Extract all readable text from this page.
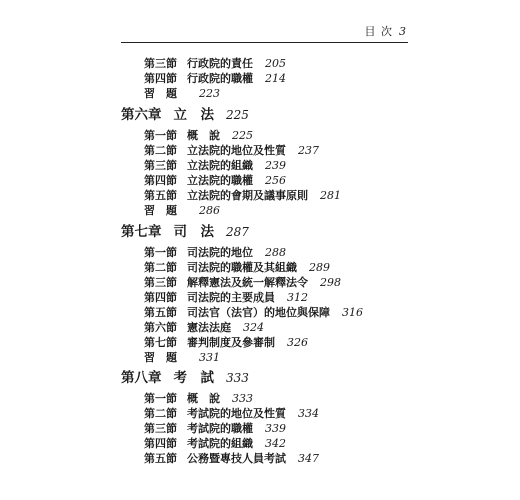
目 次 3
第三節 行政院的責任 205
第四節 行政院的職權 214
習　題 223
第六章 立　法 225
第一節 概　說 225
第二節 立法院的地位及性質 237
第三節 立法院的組織 239
第四節 立法院的職權 256
第五節 立法院的會期及議事原則 281
習　題 286
第七章 司　法 287
第一節 司法院的地位 288
第二節 司法院的職權及其組織 289
第三節 解釋憲法及統一解釋法令 298
第四節 司法院的主要成員 312
第五節 司法官（法官）的地位與保障 316
第六節 憲法法庭 324
第七節 審判制度及參審制 326
習　題 331
第八章 考　試 333
第一節 概　說 333
第二節 考試院的地位及性質 334
第三節 考試院的職權 339
第四節 考試院的組織 342
第五節 公務暨專技人員考試 347
